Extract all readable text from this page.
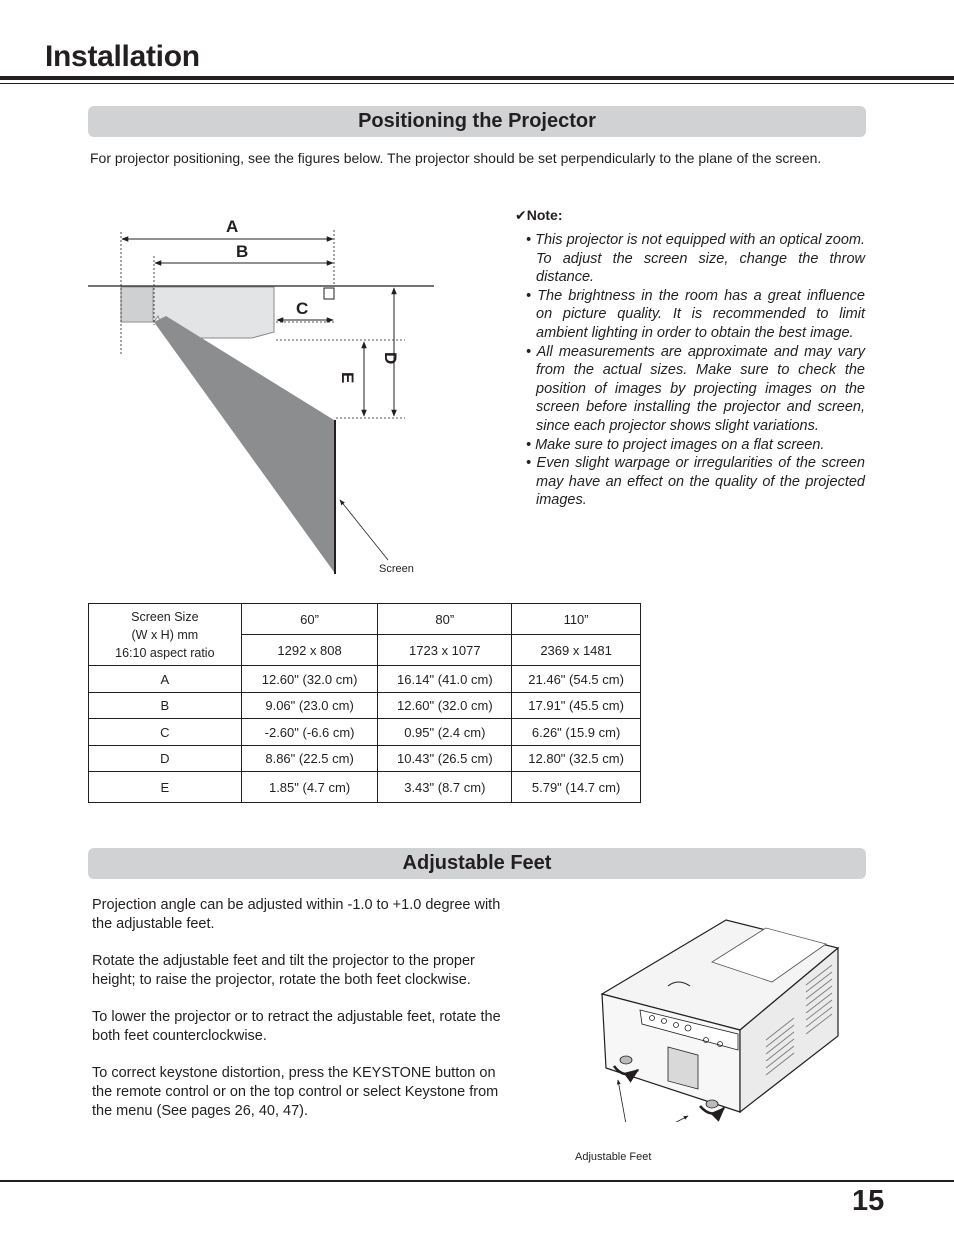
Installation
Positioning the Projector
For projector positioning, see the figures below. The projector should be set perpendicularly to the plane of the screen.
A
B
C
D
E
Screen
✔Note:
• This projector is not equipped with an optical zoom. To adjust the screen size, change the throw distance.
• The brightness in the room has a great influence on picture quality. It is recommended to limit ambient lighting in order to obtain the best image.
• All measurements are approximate and may vary from the actual sizes. Make sure to check the position of images by projecting images on the screen before installing the projector and screen, since each projector shows slight variations.
• Make sure to project images on a flat screen.
• Even slight warpage or irregularities of the screen may have an effect on the quality of the projected images.
Screen Size
(W x H) mm
16:10 aspect ratio	60”	80”	110”
	1292 x 808	1723 x 1077	2369 x 1481
A	12.60" (32.0 cm)	16.14" (41.0 cm)	21.46" (54.5 cm)
B	9.06" (23.0 cm)	12.60" (32.0 cm)	17.91" (45.5 cm)
C	-2.60" (-6.6 cm)	0.95" (2.4 cm)	6.26" (15.9 cm)
D	8.86" (22.5 cm)	10.43" (26.5 cm)	12.80" (32.5 cm)
E	1.85" (4.7 cm)	3.43" (8.7 cm)	5.79" (14.7 cm)
Adjustable Feet
Projection angle can be adjusted within -1.0 to +1.0 degree with the adjustable feet.
Rotate the adjustable feet and tilt the projector to the proper height; to raise the projector, rotate the both feet clockwise.
To lower the projector or to retract the adjustable feet, rotate the both feet counterclockwise.
To correct keystone distortion, press the KEYSTONE button on the remote control or on the top control or select Keystone from the menu (See pages 26, 40, 47).
Adjustable Feet
15
